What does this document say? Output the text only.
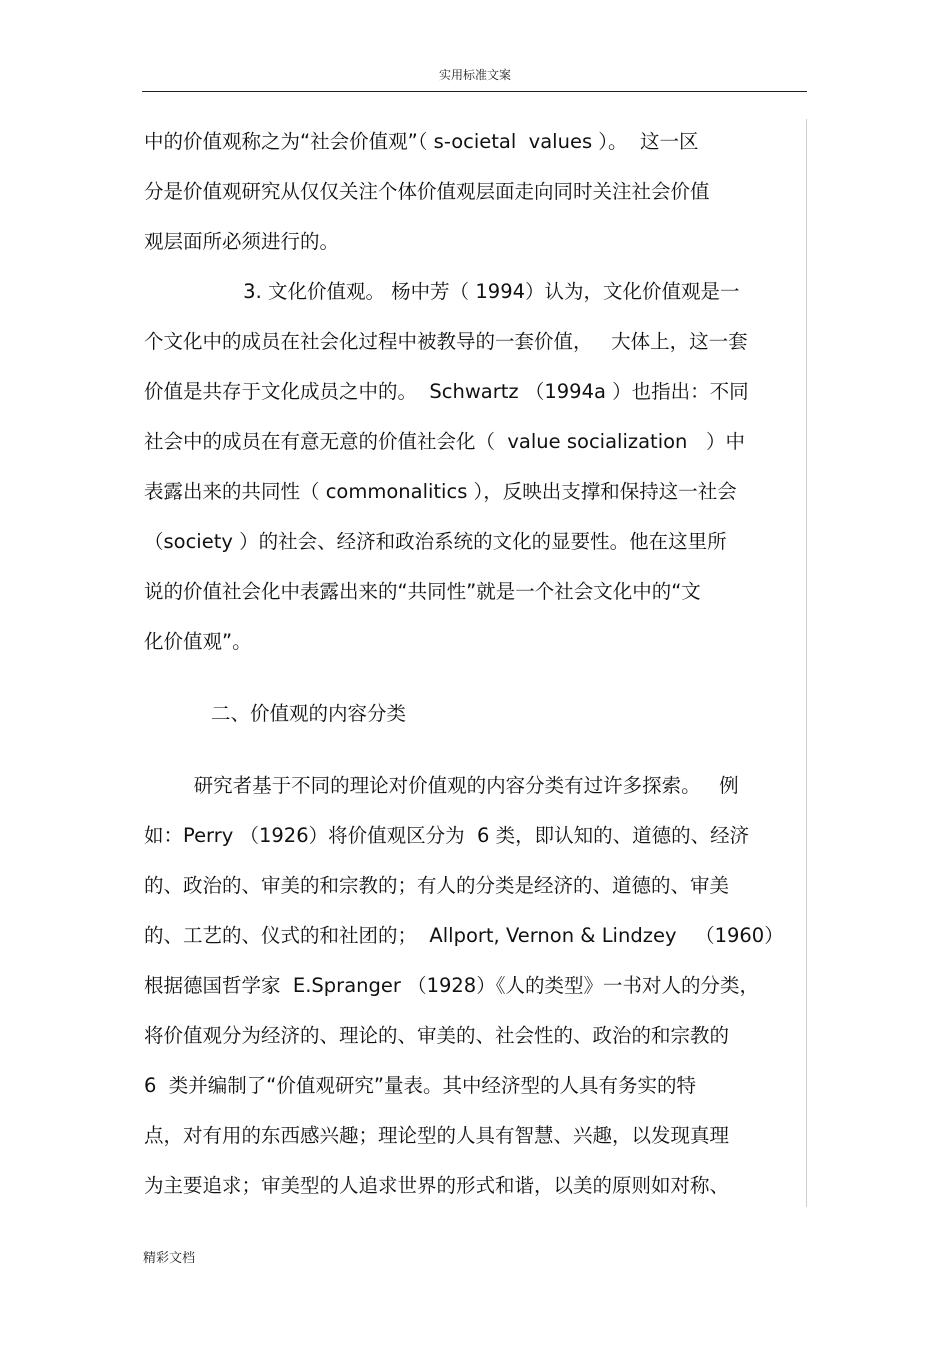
实用标准文案
中的价值观称之为“社会价值观”（ s-ocietal  values ）。  这一区
分是价值观研究从仅仅关注个体价值观层面走向同时关注社会价值
观层面所必须进行的。
3. 文化价值观。 杨中芳（ 1994）认为，文化价值观是一
个文化中的成员在社会化过程中被教导的一套价值，   大体上，这一套
价值是共存于文化成员之中的。  Schwartz （1994a ）也指出：不同
社会中的成员在有意无意的价值社会化（  value socialization   ）中
表露出来的共同性（ commonalitics ），反映出支撑和保持这一社会
（society ）的社会、经济和政治系统的文化的显要性。他在这里所
说的价值社会化中表露出来的“共同性”就是一个社会文化中的“文
化价值观”。
二、价值观的内容分类
研究者基于不同的理论对价值观的内容分类有过许多探索。   例
如：Perry （1926）将价值观区分为  6 类，即认知的、道德的、经济
的、政治的、审美的和宗教的；有人的分类是经济的、道德的、审美
的、工艺的、仪式的和社团的；  Allport, Vernon & Lindzey   （1960）
根据德国哲学家  E.Spranger （1928）《人的类型》一书对人的分类，
将价值观分为经济的、理论的、审美的、社会性的、政治的和宗教的
6  类并编制了“价值观研究”量表。其中经济型的人具有务实的特
点，对有用的东西感兴趣；理论型的人具有智慧、兴趣，以发现真理
为主要追求；审美型的人追求世界的形式和谐，以美的原则如对称、
精彩文档
